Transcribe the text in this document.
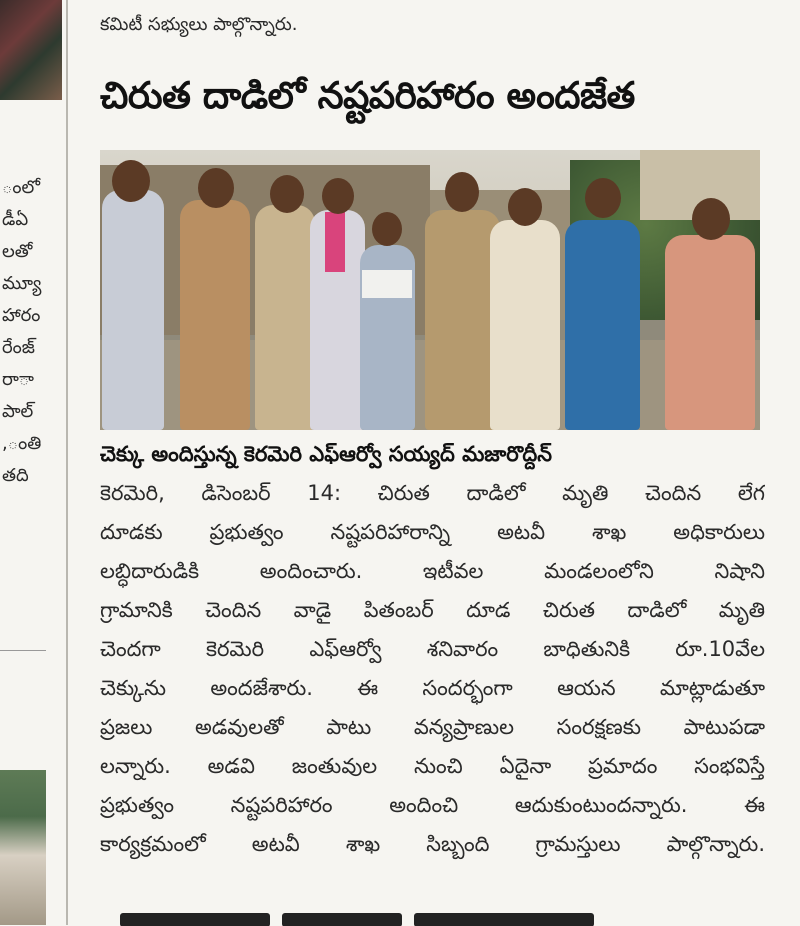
ంలో
డీఏ
లతో
మ్యూ
హారం
రేంజ్
ారా
పాల్
ంతి,
తది

కమిటీ సభ్యులు పాల్గొన్నారు.
చిరుత దాడిలో నష్టపరిహారం అందజేత
చెక్కు అందిస్తున్న కెరమెరి ఎఫ్‌ఆర్వో సయ్యద్ మజారొద్దీన్
కెరమెరి, డిసెంబర్ 14: చిరుత దాడిలో మృతి చెందిన లేగ
దూడకు ప్రభుత్వం నష్టపరిహారాన్ని అటవీ శాఖ అధికారులు
లబ్ధిదారుడికి అందించారు. ఇటీవల మండలంలోని నిషాని
గ్రామానికి చెందిన వాడై పితంబర్ దూడ చిరుత దాడిలో మృతి
చెందగా కెరమెరి ఎఫ్‌ఆర్వో శనివారం బాధితునికి రూ.10వేల
చెక్కును అందజేశారు. ఈ సందర్భంగా ఆయన మాట్లాడుతూ
ప్రజలు అడవులతో పాటు వన్యప్రాణుల సంరక్షణకు పాటుపడా
లన్నారు. అడవి జంతువుల నుంచి ఏదైనా ప్రమాదం సంభవిస్తే
ప్రభుత్వం నష్టపరిహారం అందించి ఆదుకుంటుందన్నారు. ఈ
కార్యక్రమంలో అటవీ శాఖ సిబ్బంది గ్రామస్తులు పాల్గొన్నారు.
